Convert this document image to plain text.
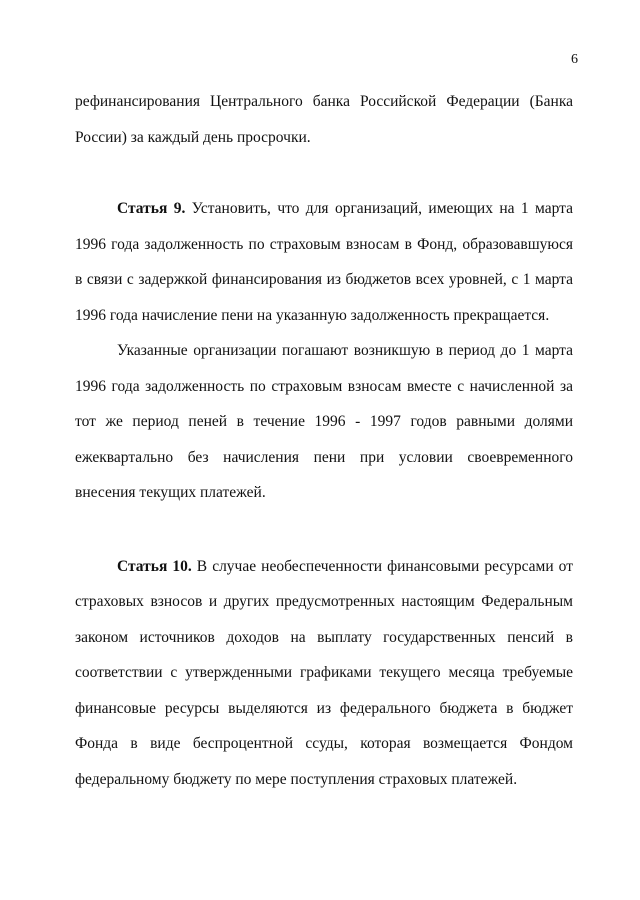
6

рефинансирования Центрального банка Российской Федерации (Банка России) за каждый день просрочки.

Статья 9. Установить, что для организаций, имеющих на 1 марта 1996 года задолженность по страховым взносам в Фонд, образовавшуюся в связи с задержкой финансирования из бюджетов всех уровней, с 1 марта 1996 года начисление пени на указанную задолженность прекращается.

Указанные организации погашают возникшую в период до 1 марта 1996 года задолженность по страховым взносам вместе с начисленной за тот же период пеней в течение 1996 - 1997 годов равными долями ежеквартально без начисления пени при условии своевременного внесения текущих платежей.

Статья 10. В случае необеспеченности финансовыми ресурсами от страховых взносов и других предусмотренных настоящим Федеральным законом источников доходов на выплату государственных пенсий в соответствии с утвержденными графиками текущего месяца требуемые финансовые ресурсы выделяются из федерального бюджета в бюджет Фонда в виде беспроцентной ссуды, которая возмещается Фондом федеральному бюджету по мере поступления страховых платежей.
